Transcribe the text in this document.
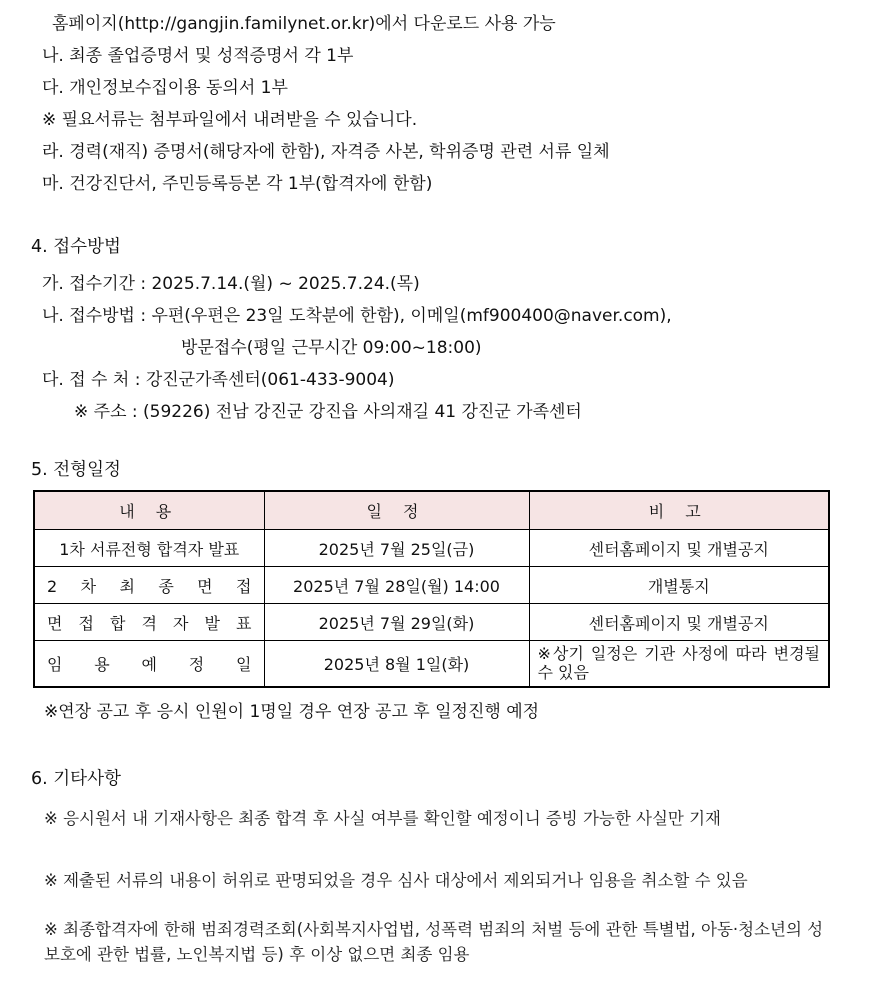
홈페이지(http://gangjin.familynet.or.kr)에서 다운로드 사용 가능
나. 최종 졸업증명서 및 성적증명서 각 1부
다. 개인정보수집이용 동의서 1부
※ 필요서류는 첨부파일에서 내려받을 수 있습니다.
라. 경력(재직) 증명서(해당자에 한함), 자격증 사본, 학위증명 관련 서류 일체
마. 건강진단서, 주민등록등본 각 1부(합격자에 한함)
4. 접수방법
가. 접수기간 : 2025.7.14.(월) ~ 2025.7.24.(목)
나. 접수방법 : 우편(우편은 23일 도착분에 한함), 이메일(mf900400@naver.com),
방문접수(평일 근무시간 09:00~18:00)
다. 접 수 처 : 강진군가족센터(061-433-9004)
※ 주소 : (59226) 전남 강진군 강진읍 사의재길 41 강진군 가족센터
5. 전형일정
내 용	일 정	비 고
1차 서류전형 합격자 발표	2025년 7월 25일(금)	센터홈페이지 및 개별공지
2 차 최 종 면 접	2025년 7월 28일(월) 14:00	개별통지
면 접 합 격 자 발 표	2025년 7월 29일(화)	센터홈페이지 및 개별공지
임 용 예 정 일	2025년 8월 1일(화)	※상기 일정은 기관 사정에 따라 변경될 수 있음
※연장 공고 후 응시 인원이 1명일 경우 연장 공고 후 일정진행 예정
6. 기타사항
※ 응시원서 내 기재사항은 최종 합격 후 사실 여부를 확인할 예정이니 증빙 가능한 사실만 기재
※ 제출된 서류의 내용이 허위로 판명되었을 경우 심사 대상에서 제외되거나 임용을 취소할 수 있음
※ 최종합격자에 한해 범죄경력조회(사회복지사업법, 성폭력 범죄의 처벌 등에 관한 특별법, 아동·청소년의 성 보호에 관한 법률, 노인복지법 등) 후 이상 없으면 최종 임용
